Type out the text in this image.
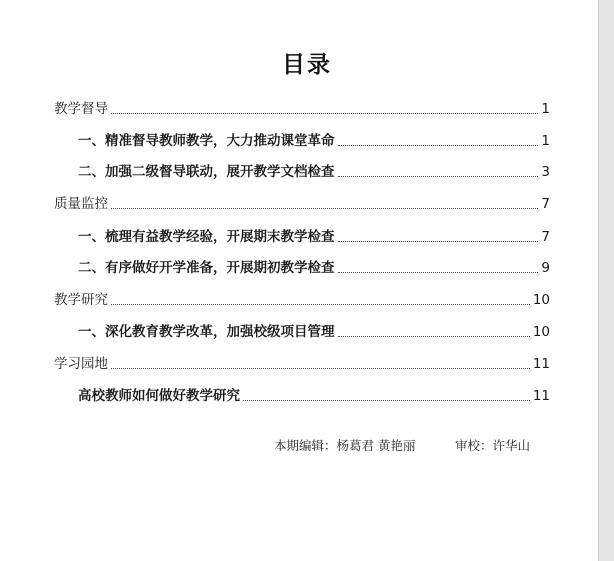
目录
教学督导	1
一、精准督导教师教学，大力推动课堂革命	1
二、加强二级督导联动，展开教学文档检查	3
质量监控	7
一、梳理有益教学经验，开展期末教学检查	7
二、有序做好开学准备，开展期初教学检查	9
教学研究	10
一、深化教育教学改革，加强校级项目管理	10
学习园地	11
高校教师如何做好教学研究	11
本期编辑：杨葛君 黄艳丽	审校：许华山
